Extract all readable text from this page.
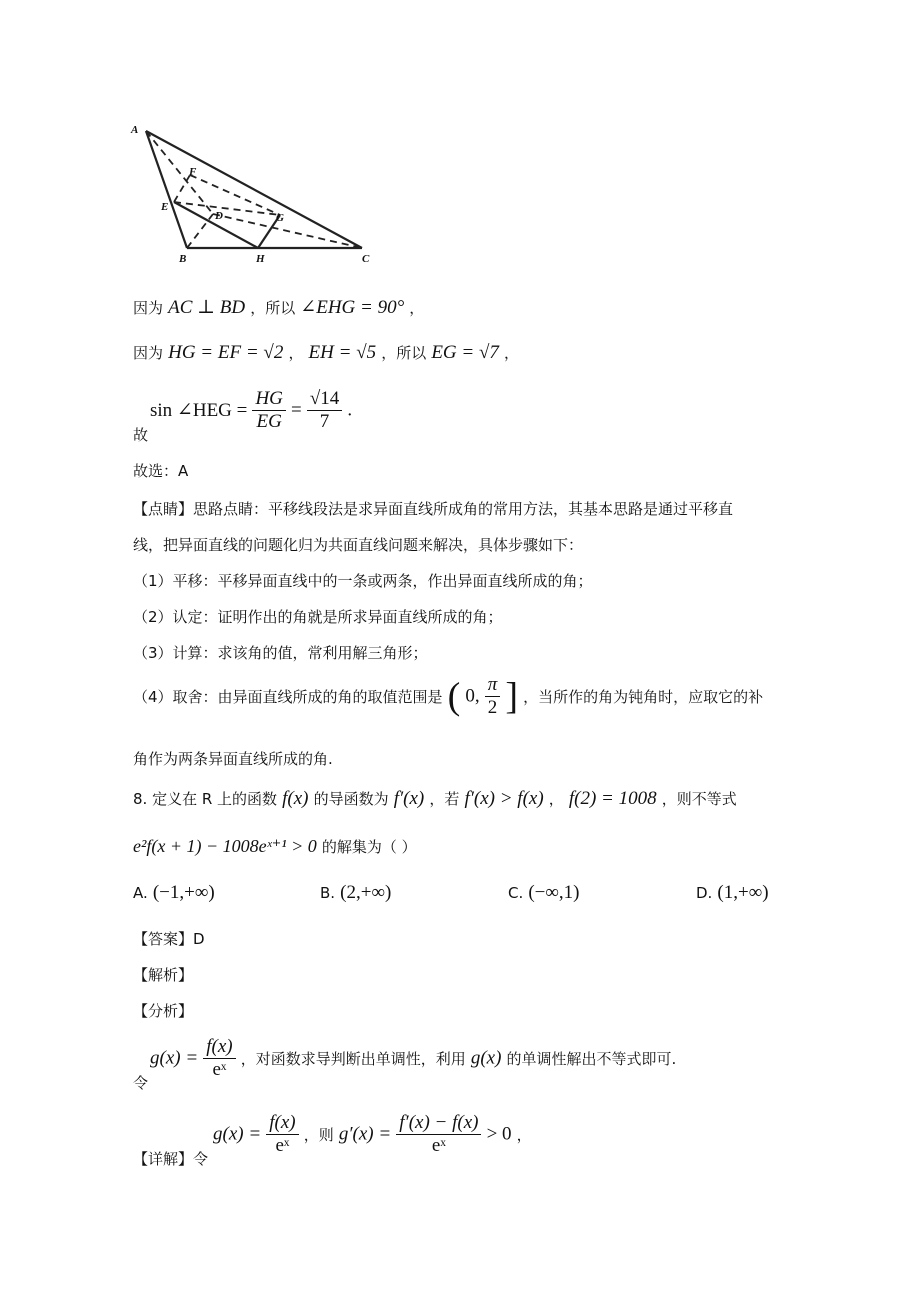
A
B	C
D
E
F
G
H
因为 AC ⊥ BD ，所以 ∠EHG = 90° ，
因为 HG = EF = √2 ， EH = √5 ，所以 EG = √7 ，
故
sin ∠HEG = $\frac{HG}{EG} = \frac{√14}{7}$ .
故选：A
【点睛】思路点睛：平移线段法是求异面直线所成角的常用方法，其基本思路是通过平移直
线，把异面直线的问题化归为共面直线问题来解决，具体步骤如下：
（1）平移：平移异面直线中的一条或两条，作出异面直线所成的角；
（2）认定：证明作出的角就是所求异面直线所成的角；
（3）计算：求该角的值，常利用解三角形；
（4）取舍：由异面直线所成的角的取值范围是 ( 0, $\frac{\pi}{2}$ ] ，当所作的角为钝角时，应取它的补
角作为两条异面直线所成的角.
8. 定义在 R 上的函数 f(x) 的导函数为 f′(x) ，若 f′(x) > f(x) ， f(2) = 1008 ，则不等式
e²f(x + 1) − 1008eˣ⁺¹ > 0 的解集为（ ）
A. (−1,+∞)	B. (2,+∞)	C. (−∞,1)	D. (1,+∞)
【答案】D
【解析】
【分析】
令
$g(x) = \frac{f(x)}{\text{eˣ}}$ ，对函数求导判断出单调性，利用 g(x) 的单调性解出不等式即可.
【详解】令
$g(x) = \frac{f(x)}{\text{eˣ}}$ ，则 $g'(x) = \frac{f'(x) - f(x)}{\text{eˣ}} > 0$ ，
